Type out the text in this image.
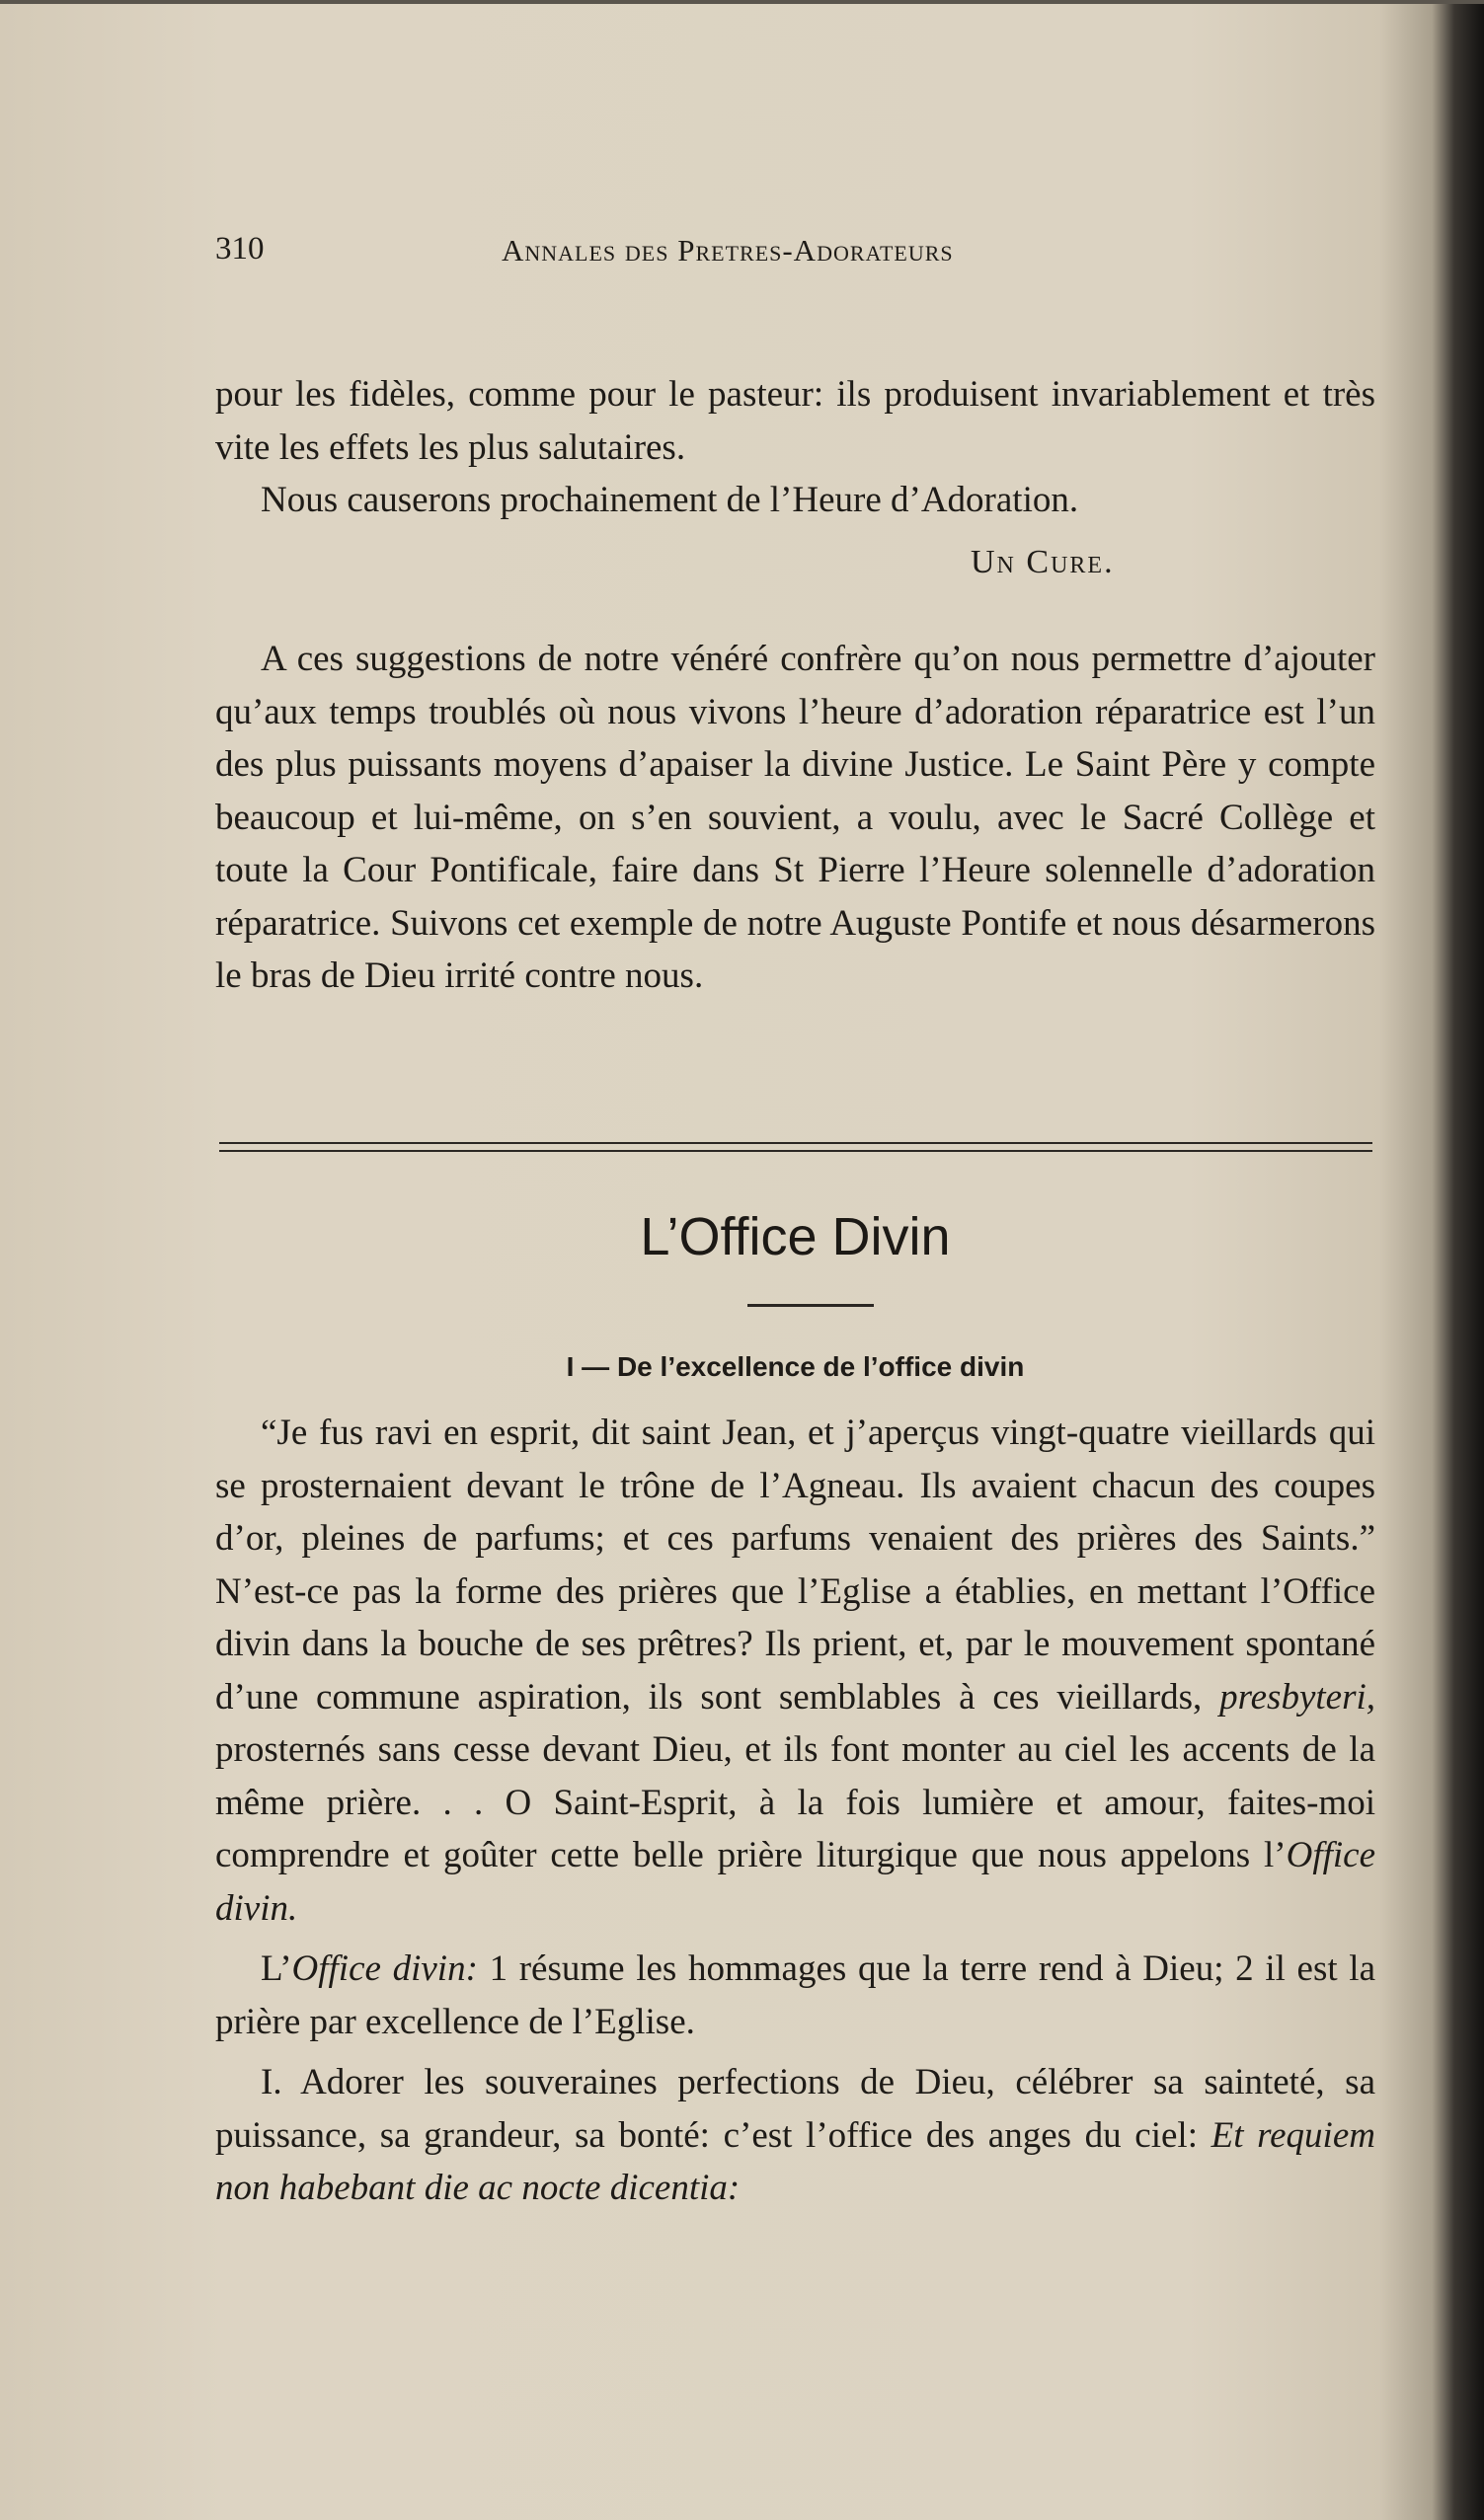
310	Annales des Pretres-Adorateurs

pour les fidèles, comme pour le pasteur: ils produisent invariablement et très vite les effets les plus salutaires.

Nous causerons prochainement de l’Heure d’Adoration.

Un Cure.

A ces suggestions de notre vénéré confrère qu’on nous permettre d’ajouter qu’aux temps troublés où nous vivons l’heure d’adoration réparatrice est l’un des plus puissants moyens d’apaiser la divine Justice. Le Saint Père y compte beaucoup et lui-même, on s’en souvient, a voulu, avec le Sacré Collège et toute la Cour Pontificale, faire dans St Pierre l’Heure solennelle d’adoration réparatrice. Suivons cet exemple de notre Auguste Pontife et nous désarmerons le bras de Dieu irrité contre nous.

L’Office Divin
I — De l’excellence de l’office divin

“Je fus ravi en esprit, dit saint Jean, et j’aperçus vingt-quatre vieillards qui se prosternaient devant le trône de l’Agneau. Ils avaient chacun des coupes d’or, pleines de parfums; et ces parfums venaient des prières des Saints.” N’est-ce pas la forme des prières que l’Eglise a établies, en mettant l’Office divin dans la bouche de ses prêtres? Ils prient, et, par le mouvement spontané d’une commune aspiration, ils sont semblables à ces vieillards, presbyteri, prosternés sans cesse devant Dieu, et ils font monter au ciel les accents de la même prière. . . O Saint-Esprit, à la fois lumière et amour, faites-moi comprendre et goûter cette belle prière liturgique que nous appelons l’Office divin.

L’Office divin: 1 résume les hommages que la terre rend à Dieu; 2 il est la prière par excellence de l’Eglise.

I. Adorer les souveraines perfections de Dieu, célébrer sa sainteté, sa puissance, sa grandeur, sa bonté: c’est l’office des anges du ciel: Et requiem non habebant die ac nocte dicentia:
